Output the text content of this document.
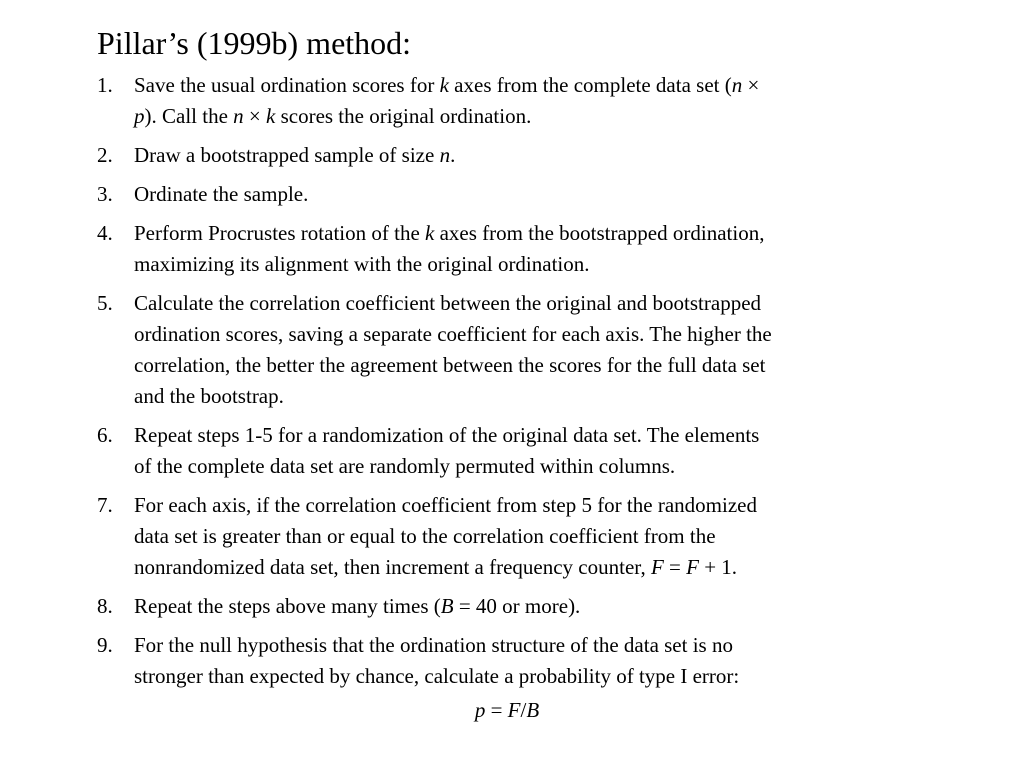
Pillar’s (1999b) method:
1.	Save the usual ordination scores for k axes from the complete data set (n ×
p). Call the n × k scores the original ordination.
2.	Draw a bootstrapped sample of size n.
3.	Ordinate the sample.
4.	Perform Procrustes rotation of the k axes from the bootstrapped ordination,
maximizing its alignment with the original ordination.
5.	Calculate the correlation coefficient between the original and bootstrapped
ordination scores, saving a separate coefficient for each axis. The higher the
correlation, the better the agreement between the scores for the full data set
and the bootstrap.
6.	Repeat steps 1-5 for a randomization of the original data set. The elements
of the complete data set are randomly permuted within columns.
7.	For each axis, if the correlation coefficient from step 5 for the randomized
data set is greater than or equal to the correlation coefficient from the
nonrandomized data set, then increment a frequency counter, F = F + 1.
8.	Repeat the steps above many times (B = 40 or more).
9.	For the null hypothesis that the ordination structure of the data set is no
stronger than expected by chance, calculate a probability of type I error:
p = F/B
